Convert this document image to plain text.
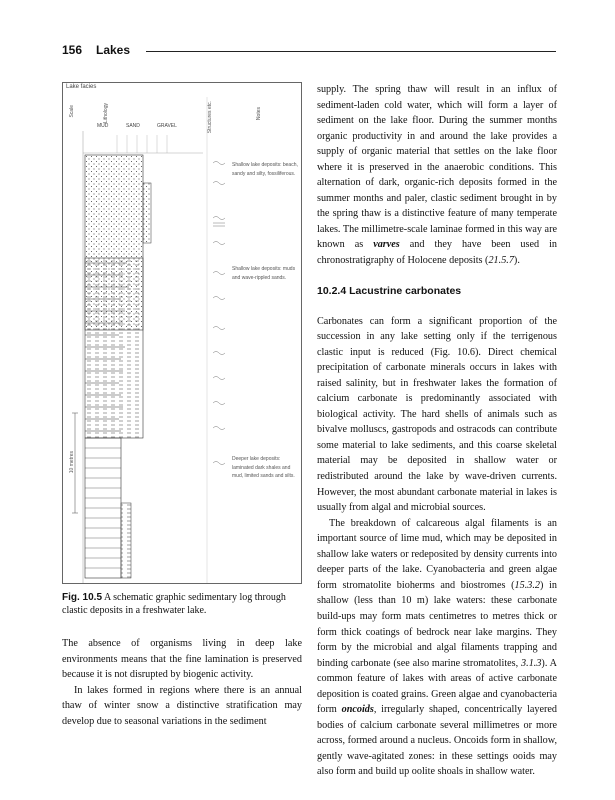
156 Lakes
Lake facies
Scale	Lithology	Structures etc.	Notes
10 metres
MUD	SAND	GRAVEL
Shallow lake deposits: beach, sandy and silty, fossiliferous.
Shallow lake deposits: muds and wave-rippled sands.
Deeper lake deposits: laminated dark shales and mud, limited sands and silts.
Fig. 10.5 A schematic graphic sedimentary log through clastic deposits in a freshwater lake.

The absence of organisms living in deep lake environments means that the fine lamination is preserved because it is not disrupted by biogenic activity.

In lakes formed in regions where there is an annual thaw of winter snow a distinctive stratification may develop due to seasonal variations in the sediment

supply. The spring thaw will result in an influx of sediment-laden cold water, which will form a layer of sediment on the lake floor. During the summer months organic productivity in and around the lake provides a supply of organic material that settles on the lake floor where it is preserved in the anaerobic conditions. This alternation of dark, organic-rich deposits formed in the summer months and paler, clastic sediment brought in by the spring thaw is a distinctive feature of many temperate lakes. The millimetre-scale laminae formed in this way are known as varves and they have been used in chronostratigraphy of Holocene deposits (21.5.7).

10.2.4 Lacustrine carbonates

Carbonates can form a significant proportion of the succession in any lake setting only if the terrigenous clastic input is reduced (Fig. 10.6). Direct chemical precipitation of carbonate minerals occurs in lakes with raised salinity, but in freshwater lakes the formation of calcium carbonate is predominantly associated with biological activity. The hard shells of animals such as bivalve molluscs, gastropods and ostracods can contribute some material to lake sediments, and this coarse skeletal material may be deposited in shallow water or redistributed around the lake by wave-driven currents. However, the most abundant carbonate material in lakes is usually from algal and microbial sources.

The breakdown of calcareous algal filaments is an important source of lime mud, which may be deposited in shallow lake waters or redeposited by density currents into deeper parts of the lake. Cyanobacteria and green algae form stromatolite bioherms and biostromes (15.3.2) in shallow (less than 10 m) lake waters: these carbonate build-ups may form mats centimetres to metres thick or form thick coatings of bedrock near lake margins. They form by the microbial and algal filaments trapping and binding carbonate (see also marine stromatolites, 3.1.3). A common feature of lakes with areas of active carbonate deposition is coated grains. Green algae and cyanobacteria form oncoids, irregularly shaped, concentrically layered bodies of calcium carbonate several millimetres or more across, formed around a nucleus. Oncoids form in shallow, gently wave-agitated zones: in these settings ooids may also form and build up oolite shoals in shallow water.
